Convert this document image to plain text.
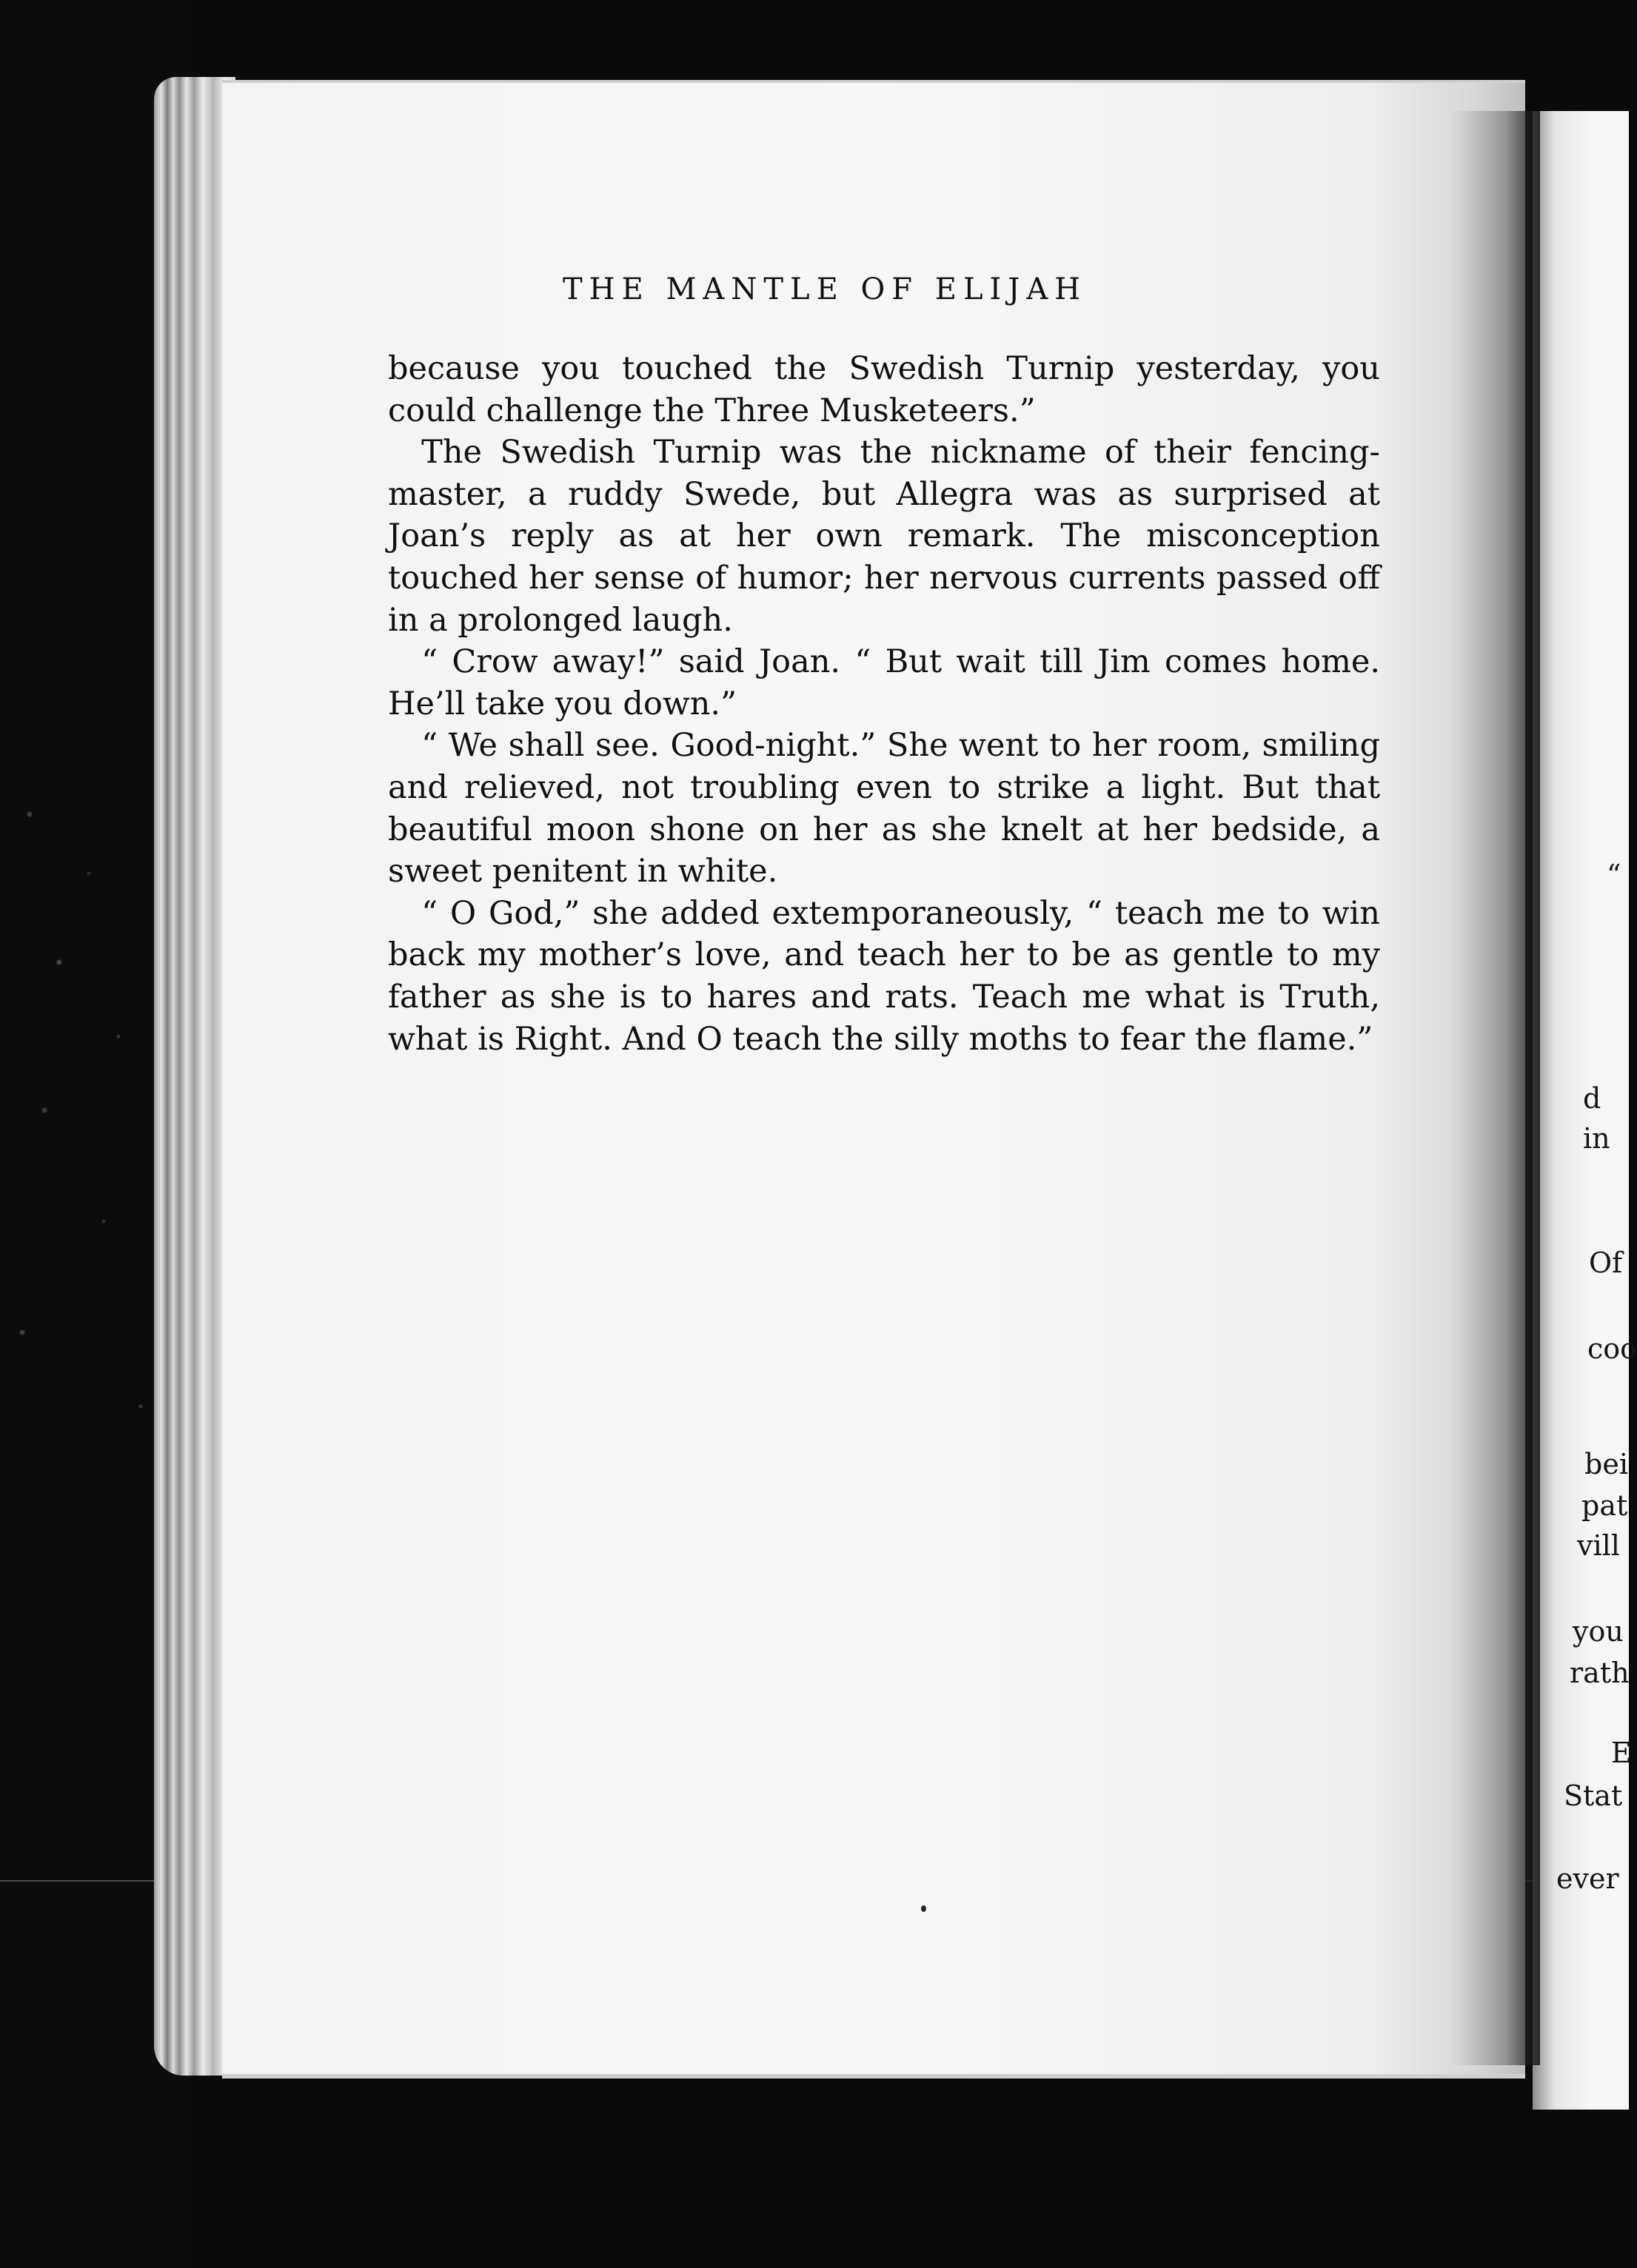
THE MANTLE OF ELIJAH

because you touched the Swedish Turnip yesterday, you could challenge the Three Musketeers.”

The Swedish Turnip was the nickname of their fencing-master, a ruddy Swede, but Allegra was as surprised at Joan’s reply as at her own remark. The misconception touched her sense of humor; her nervous currents passed off in a prolonged laugh.

“ Crow away!” said Joan. “ But wait till Jim comes home. He’ll take you down.”

“ We shall see. Good-night.” She went to her room, smiling and relieved, not troubling even to strike a light. But that beautiful moon shone on her as she knelt at her bedside, a sweet penitent in white.

“ O God,” she added extemporaneously, “ teach me to win back my mother’s love, and teach her to be as gentle to my father as she is to hares and rats. Teach me what is Truth, what is Right. And O teach the silly moths to fear the flame.”

“
d
in
Of
coo
bei
pat
vill
you
rath
E
Stat
ever
